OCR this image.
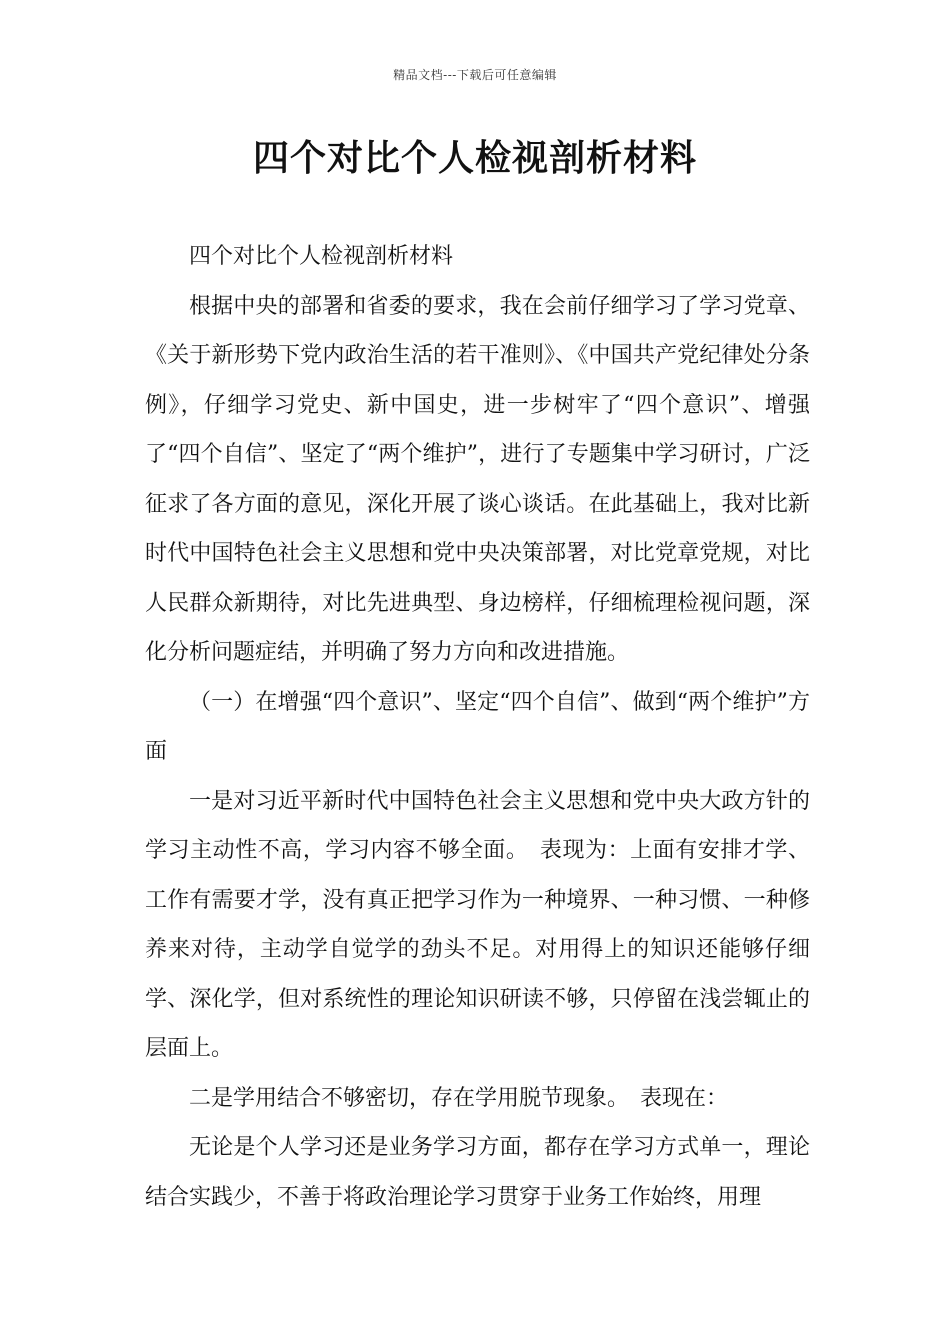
精品文档---下载后可任意编辑
四个对比个人检视剖析材料

四个对比个人检视剖析材料

根据中央的部署和省委的要求，我在会前仔细学习了学习党章、《关于新形势下党内政治生活的若干准则》、《中国共产党纪律处分条例》，仔细学习党史、新中国史，进一步树牢了“四个意识”、增强了“四个自信”、坚定了“两个维护”，进行了专题集中学习研讨，广泛征求了各方面的意见，深化开展了谈心谈话。在此基础上，我对比新时代中国特色社会主义思想和党中央决策部署，对比党章党规，对比人民群众新期待，对比先进典型、身边榜样，仔细梳理检视问题，深化分析问题症结，并明确了努力方向和改进措施。

（一）在增强“四个意识”、坚定“四个自信”、做到“两个维护”方面

一是对习近平新时代中国特色社会主义思想和党中央大政方针的学习主动性不高，学习内容不够全面。　表现为：上面有安排才学、工作有需要才学，没有真正把学习作为一种境界、一种习惯、一种修养来对待，主动学自觉学的劲头不足。对用得上的知识还能够仔细学、深化学，但对系统性的理论知识研读不够，只停留在浅尝辄止的层面上。

二是学用结合不够密切，存在学用脱节现象。　表现在：

无论是个人学习还是业务学习方面，都存在学习方式单一，理论结合实践少，不善于将政治理论学习贯穿于业务工作始终，用理
